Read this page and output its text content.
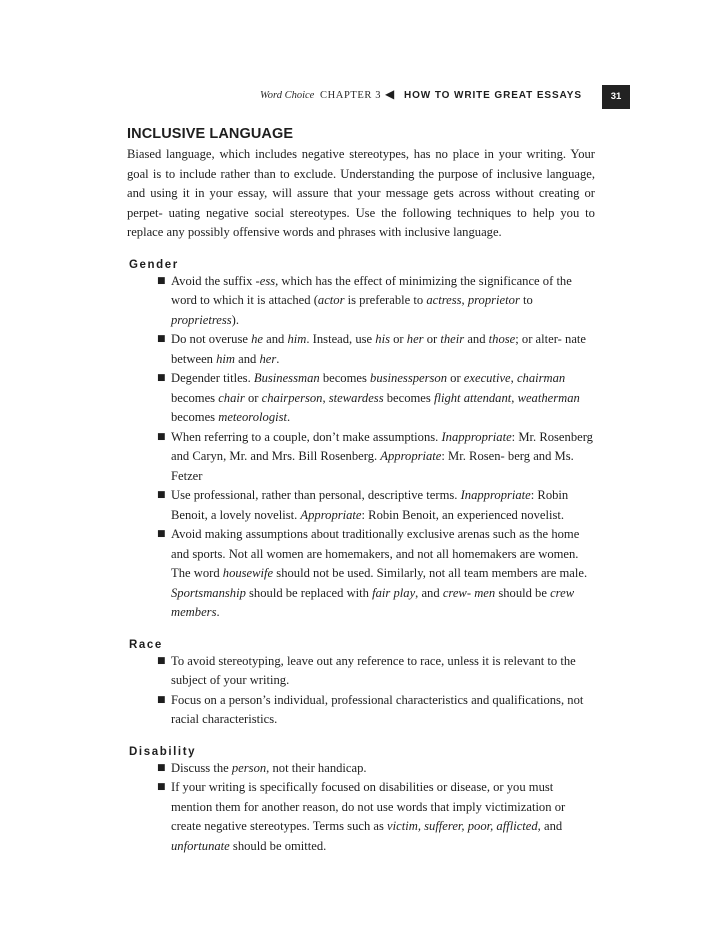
Word Choice CHAPTER 3 ◀ HOW TO WRITE GREAT ESSAYS	31
INCLUSIVE LANGUAGE

Biased language, which includes negative stereotypes, has no place in your writing. Your goal is to include rather than to exclude. Understanding the purpose of inclusive language, and using it in your essay, will assure that your message gets across without creating or perpet- uating negative social stereotypes. Use the following techniques to help you to replace any possibly offensive words and phrases with inclusive language.

Gender
■ Avoid the suffix -ess, which has the effect of minimizing the significance of the word to which it is attached (actor is preferable to actress, proprietor to proprietress).
■ Do not overuse he and him. Instead, use his or her or their and those; or alter- nate between him and her.
■ Degender titles. Businessman becomes businessperson or executive, chairman becomes chair or chairperson, stewardess becomes flight attendant, weatherman becomes meteorologist.
■ When referring to a couple, don’t make assumptions. Inappropriate: Mr. Rosenberg and Caryn, Mr. and Mrs. Bill Rosenberg. Appropriate: Mr. Rosen- berg and Ms. Fetzer
■ Use professional, rather than personal, descriptive terms. Inappropriate: Robin Benoit, a lovely novelist. Appropriate: Robin Benoit, an experienced novelist.
■ Avoid making assumptions about traditionally exclusive arenas such as the home and sports. Not all women are homemakers, and not all homemakers are women. The word housewife should not be used. Similarly, not all team members are male. Sportsmanship should be replaced with fair play, and crew- men should be crew members.
Race
■ To avoid stereotyping, leave out any reference to race, unless it is relevant to the subject of your writing.
■ Focus on a person’s individual, professional characteristics and qualifications, not racial characteristics.
Disability
■ Discuss the person, not their handicap.
■ If your writing is specifically focused on disabilities or disease, or you must mention them for another reason, do not use words that imply victimization or create negative stereotypes. Terms such as victim, sufferer, poor, afflicted, and unfortunate should be omitted.
